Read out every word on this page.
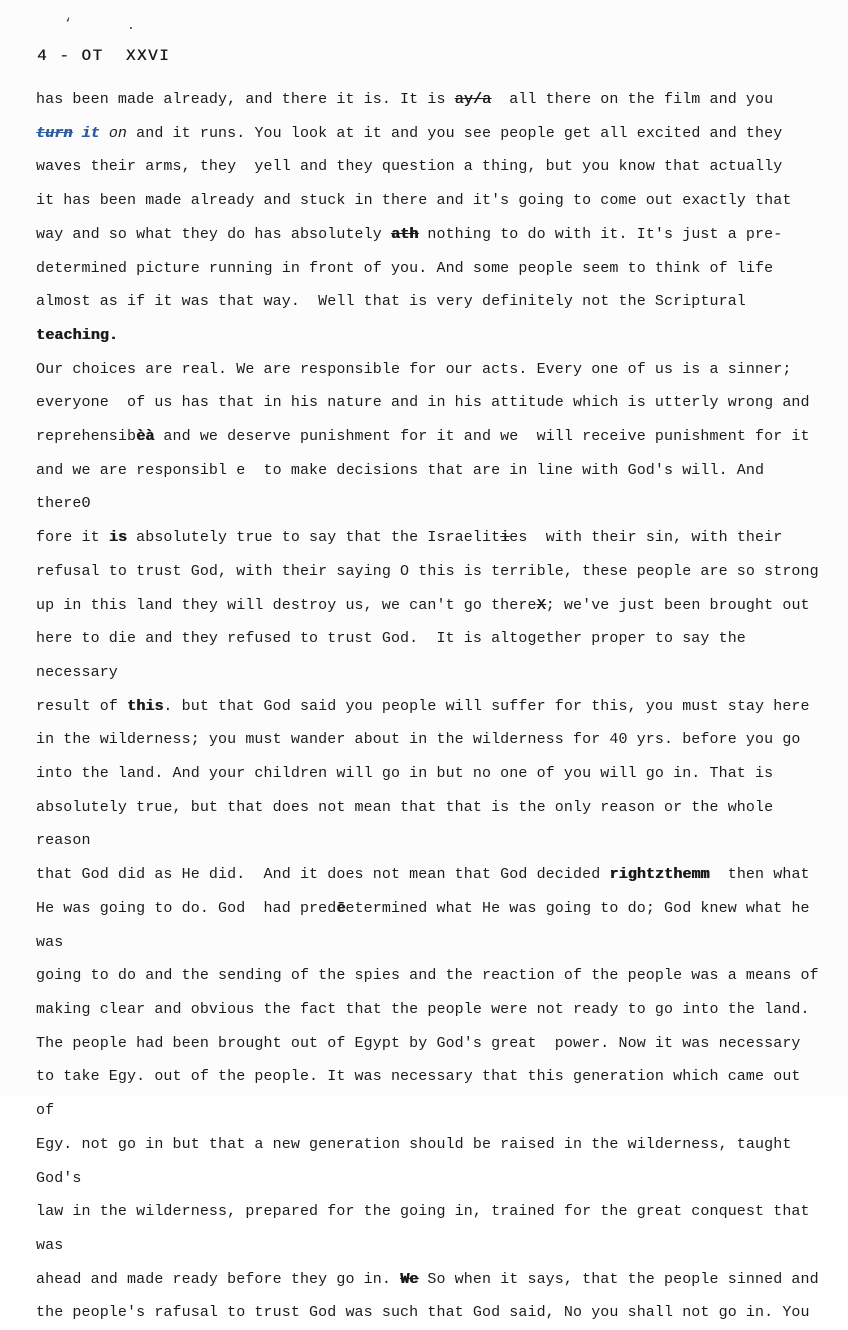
‘	.
4 - OT  XXVI
has been made already, and there it is. It is ay/a  all there on the film and you
turn it on and it runs. You look at it and you see people get all excited and they
waves their arms, they  yell and they question a thing, but you know that actually
it has been made already and stuck in there and it's going to come out exactly that
way and so what they do has absolutely ath nothing to do with it. It's just a pre-
determined picture running in front of you. And some people seem to think of life
almost as if it was that way.  Well that is very definitely not the Scriptural teaching.
Our choices are real. We are responsible for our acts. Every one of us is a sinner;
everyone  of us has that in his nature and in his attitude which is utterly wrong and
reprehensibèà and we deserve punishment for it and we  will receive punishment for it
and we are responsibl e  to make decisions that are in line with God's will. And thereΘ
fore it is absolutely true to say that the Israelities  with their sin, with their
refusal to trust God, with their saying O this is terrible, these people are so strong
up in this land they will destroy us, we can't go thereX; we've just been brought out
here to die and they refused to trust God.  It is altogether proper to say the necessary
result of this. but that God said you people will suffer for this, you must stay here
in the wilderness; you must wander about in the wilderness for 40 yrs. before you go
into the land. And your children will go in but no one of you will go in. That is
absolutely true, but that does not mean that that is the only reason or the whole reason
that God did as He did.  And it does not mean that God decided rightzthemm  then what
He was going to do. God  had predēetermined what He was going to do; God knew what he was
going to do and the sending of the spies and the reaction of the people was a means of
making clear and obvious the fact that the people were not ready to go into the land.
The people had been brought out of Egypt by God's great  power. Now it was necessary
to take Egy. out of the people. It was necessary that this generation which came out of
Egy. not go in but that a new generation should be raised in the wilderness, taught God's
law in the wilderness, prepared for the going in, trained for the great conquest that was
ahead and made ready before they go in. We So when it says, that the people sinned and
the people's rafusal to trust God was such that God said, No you shall not go in. You
